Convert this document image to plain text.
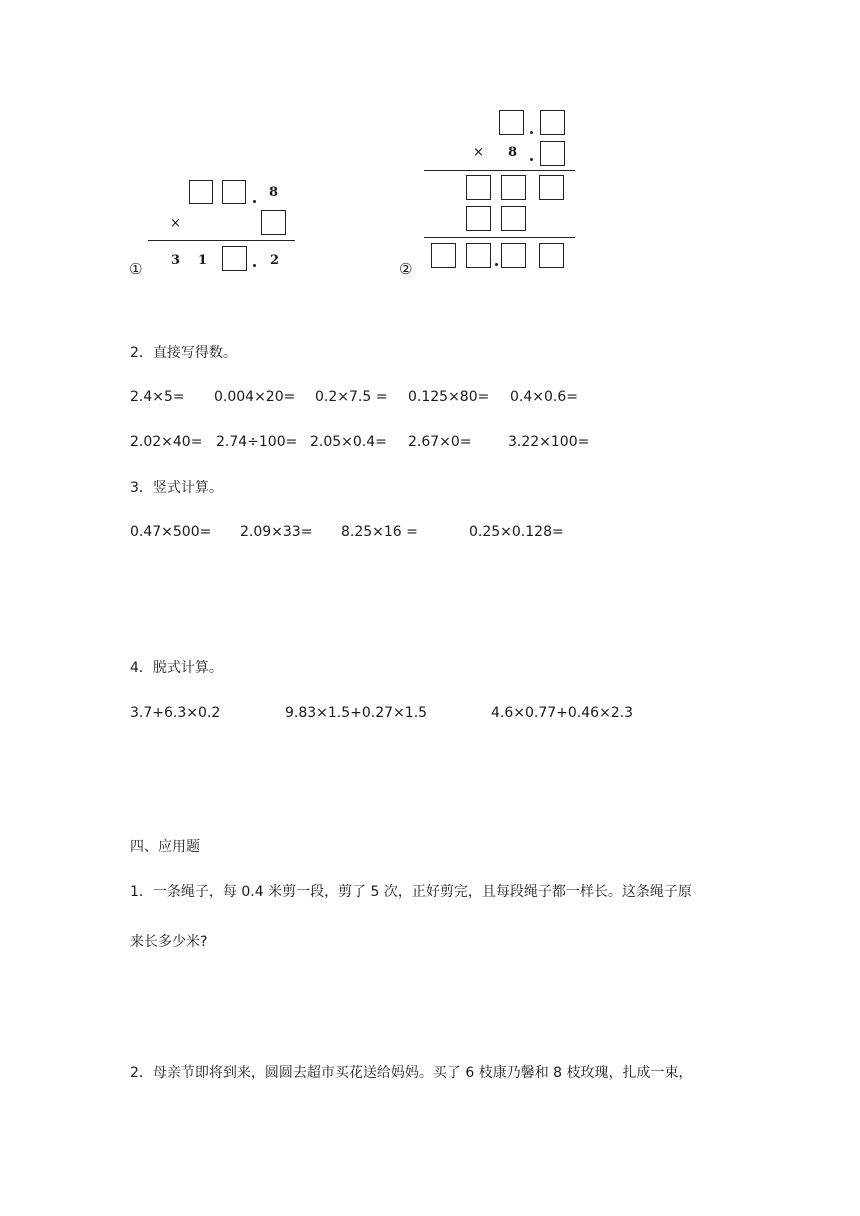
8
×
① 3 1	2
× 8
②
2．直接写得数。
2.4×5= 0.004×20= 0.2×7.5 = 0.125×80= 0.4×0.6=
2.02×40= 2.74÷100= 2.05×0.4= 2.67×0=	3.22×100=
3．竖式计算。
0.47×500= 2.09×33= 8.25×16 =	0.25×0.128=
4．脱式计算。
3.7+6.3×0.2	9.83×1.5+0.27×1.5	4.6×0.77+0.46×2.3
四、应用题
1．一条绳子，每 0.4 米剪一段，剪了 5 次，正好剪完，且每段绳子都一样长。这条绳子原
来长多少米?
2．母亲节即将到来，圆圆去超市买花送给妈妈。买了 6 枝康乃馨和 8 枝玫瑰，扎成一束，
